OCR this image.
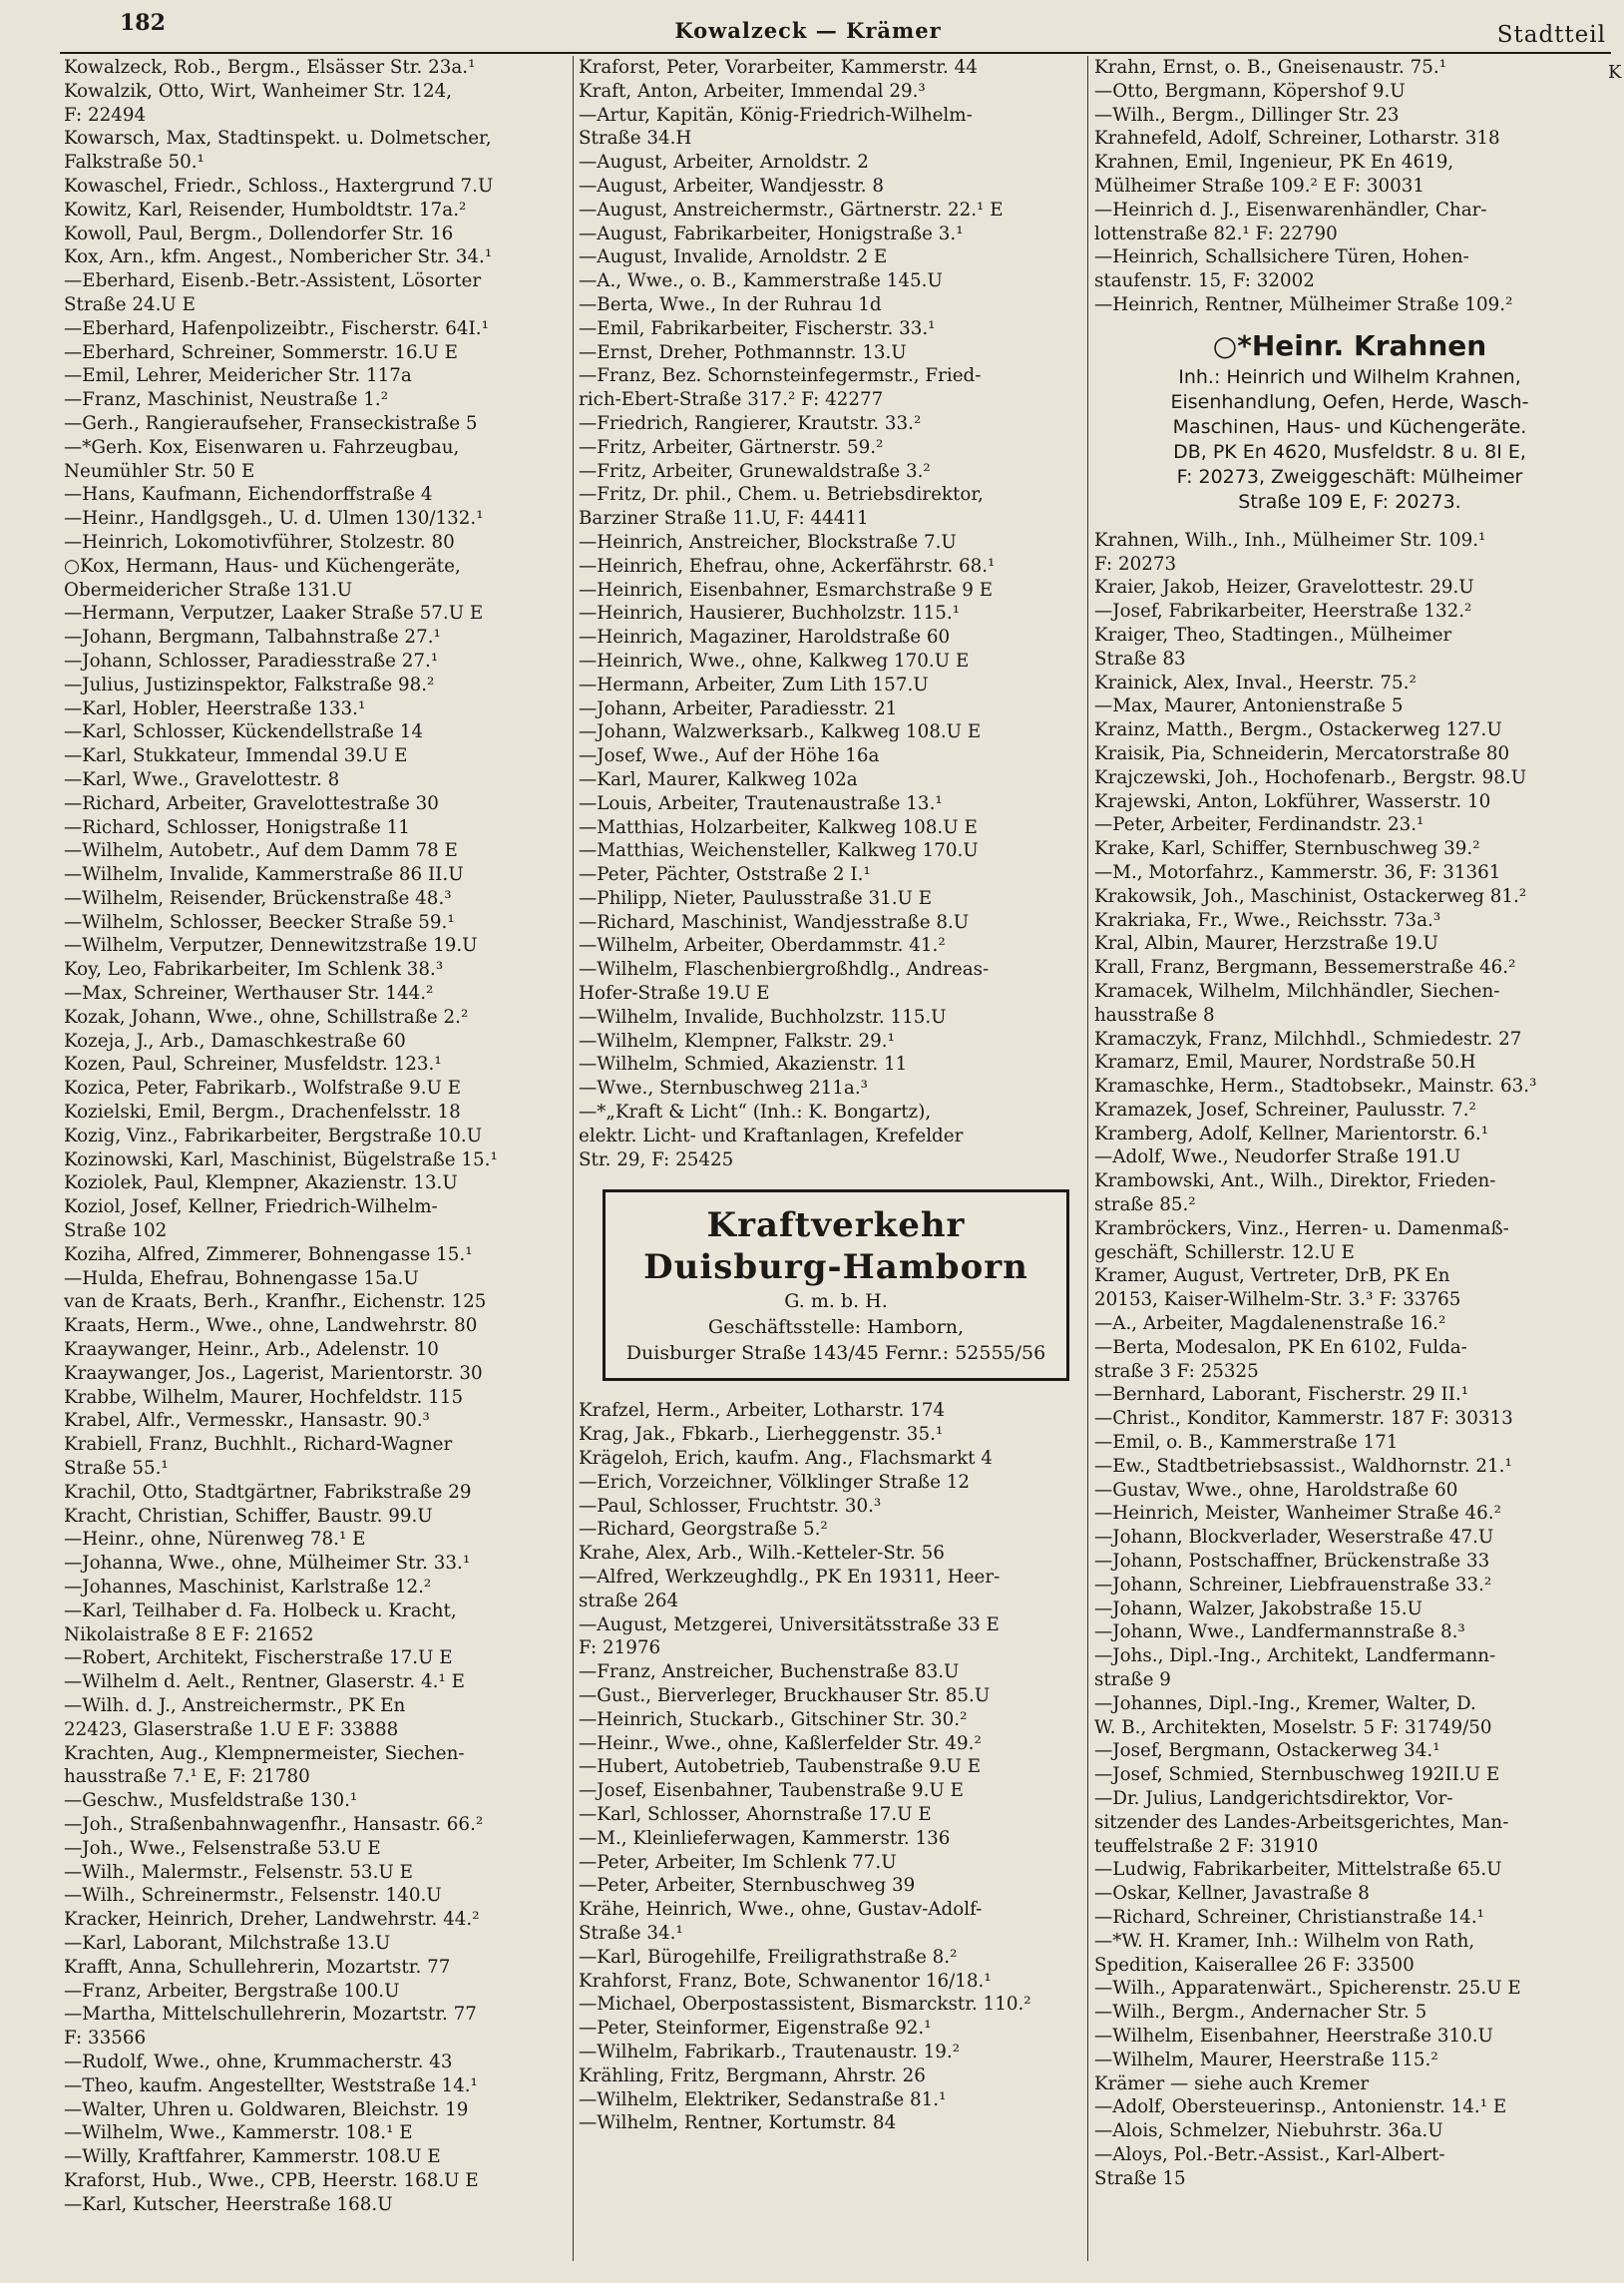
182	Kowalzeck — Krämer	Stadtteil
K
Kowalzeck, Rob., Bergm., Elsässer Str. 23a.¹
Kowalzik, Otto, Wirt, Wanheimer Str. 124,
F: 22494
Kowarsch, Max, Stadtinspekt. u. Dolmetscher,
Falkstraße 50.¹
Kowaschel, Friedr., Schloss., Haxtergrund 7.U
Kowitz, Karl, Reisender, Humboldtstr. 17a.²
Kowoll, Paul, Bergm., Dollendorfer Str. 16
Kox, Arn., kfm. Angest., Nombericher Str. 34.¹
—Eberhard, Eisenb.-Betr.-Assistent, Lösorter
Straße 24.U E
—Eberhard, Hafenpolizeibtr., Fischerstr. 64I.¹
—Eberhard, Schreiner, Sommerstr. 16.U E
—Emil, Lehrer, Meidericher Str. 117a
—Franz, Maschinist, Neustraße 1.²
—Gerh., Rangieraufseher, Franseckistraße 5
—*Gerh. Kox, Eisenwaren u. Fahrzeugbau,
Neumühler Str. 50 E
—Hans, Kaufmann, Eichendorffstraße 4
—Heinr., Handlgsgeh., U. d. Ulmen 130/132.¹
—Heinrich, Lokomotivführer, Stolzestr. 80
○Kox, Hermann, Haus- und Küchengeräte,
Obermeidericher Straße 131.U
—Hermann, Verputzer, Laaker Straße 57.U E
—Johann, Bergmann, Talbahnstraße 27.¹
—Johann, Schlosser, Paradiesstraße 27.¹
—Julius, Justizinspektor, Falkstraße 98.²
—Karl, Hobler, Heerstraße 133.¹
—Karl, Schlosser, Kückendellstraße 14
—Karl, Stukkateur, Immendal 39.U E
—Karl, Wwe., Gravelottestr. 8
—Richard, Arbeiter, Gravelottestraße 30
—Richard, Schlosser, Honigstraße 11
—Wilhelm, Autobetr., Auf dem Damm 78 E
—Wilhelm, Invalide, Kammerstraße 86 II.U
—Wilhelm, Reisender, Brückenstraße 48.³
—Wilhelm, Schlosser, Beecker Straße 59.¹
—Wilhelm, Verputzer, Dennewitzstraße 19.U
Koy, Leo, Fabrikarbeiter, Im Schlenk 38.³
—Max, Schreiner, Werthauser Str. 144.²
Kozak, Johann, Wwe., ohne, Schillstraße 2.²
Kozeja, J., Arb., Damaschkestraße 60
Kozen, Paul, Schreiner, Musfeldstr. 123.¹
Kozica, Peter, Fabrikarb., Wolfstraße 9.U E
Kozielski, Emil, Bergm., Drachenfelsstr. 18
Kozig, Vinz., Fabrikarbeiter, Bergstraße 10.U
Kozinowski, Karl, Maschinist, Bügelstraße 15.¹
Koziolek, Paul, Klempner, Akazienstr. 13.U
Koziol, Josef, Kellner, Friedrich-Wilhelm-
Straße 102
Koziha, Alfred, Zimmerer, Bohnengasse 15.¹
—Hulda, Ehefrau, Bohnengasse 15a.U
van de Kraats, Berh., Kranfhr., Eichenstr. 125
Kraats, Herm., Wwe., ohne, Landwehrstr. 80
Kraaywanger, Heinr., Arb., Adelenstr. 10
Kraaywanger, Jos., Lagerist, Marientorstr. 30
Krabbe, Wilhelm, Maurer, Hochfeldstr. 115
Krabel, Alfr., Vermesskr., Hansastr. 90.³
Krabiell, Franz, Buchhlt., Richard-Wagner
Straße 55.¹
Krachil, Otto, Stadtgärtner, Fabrikstraße 29
Kracht, Christian, Schiffer, Baustr. 99.U
—Heinr., ohne, Nürenweg 78.¹ E
—Johanna, Wwe., ohne, Mülheimer Str. 33.¹
—Johannes, Maschinist, Karlstraße 12.²
—Karl, Teilhaber d. Fa. Holbeck u. Kracht,
Nikolaistraße 8 E F: 21652
—Robert, Architekt, Fischerstraße 17.U E
—Wilhelm d. Aelt., Rentner, Glaserstr. 4.¹ E
—Wilh. d. J., Anstreichermstr., PK En
22423, Glaserstraße 1.U E F: 33888
Krachten, Aug., Klempnermeister, Siechen-
hausstraße 7.¹ E, F: 21780
—Geschw., Musfeldstraße 130.¹
—Joh., Straßenbahnwagenfhr., Hansastr. 66.²
—Joh., Wwe., Felsenstraße 53.U E
—Wilh., Malermstr., Felsenstr. 53.U E
—Wilh., Schreinermstr., Felsenstr. 140.U
Kracker, Heinrich, Dreher, Landwehrstr. 44.²
—Karl, Laborant, Milchstraße 13.U
Krafft, Anna, Schullehrerin, Mozartstr. 77
—Franz, Arbeiter, Bergstraße 100.U
—Martha, Mittelschullehrerin, Mozartstr. 77
F: 33566
—Rudolf, Wwe., ohne, Krummacherstr. 43
—Theo, kaufm. Angestellter, Weststraße 14.¹
—Walter, Uhren u. Goldwaren, Bleichstr. 19
—Wilhelm, Wwe., Kammerstr. 108.¹ E
—Willy, Kraftfahrer, Kammerstr. 108.U E
Kraforst, Hub., Wwe., CPB, Heerstr. 168.U E
—Karl, Kutscher, Heerstraße 168.U
Kraforst, Peter, Vorarbeiter, Kammerstr. 44
Kraft, Anton, Arbeiter, Immendal 29.³
—Artur, Kapitän, König-Friedrich-Wilhelm-
Straße 34.H
—August, Arbeiter, Arnoldstr. 2
—August, Arbeiter, Wandjesstr. 8
—August, Anstreichermstr., Gärtnerstr. 22.¹ E
—August, Fabrikarbeiter, Honigstraße 3.¹
—August, Invalide, Arnoldstr. 2 E
—A., Wwe., o. B., Kammerstraße 145.U
—Berta, Wwe., In der Ruhrau 1d
—Emil, Fabrikarbeiter, Fischerstr. 33.¹
—Ernst, Dreher, Pothmannstr. 13.U
—Franz, Bez. Schornsteinfegermstr., Fried-
rich-Ebert-Straße 317.² F: 42277
—Friedrich, Rangierer, Krautstr. 33.²
—Fritz, Arbeiter, Gärtnerstr. 59.²
—Fritz, Arbeiter, Grunewaldstraße 3.²
—Fritz, Dr. phil., Chem. u. Betriebsdirektor,
Barziner Straße 11.U, F: 44411
—Heinrich, Anstreicher, Blockstraße 7.U
—Heinrich, Ehefrau, ohne, Ackerfährstr. 68.¹
—Heinrich, Eisenbahner, Esmarchstraße 9 E
—Heinrich, Hausierer, Buchholzstr. 115.¹
—Heinrich, Magaziner, Haroldstraße 60
—Heinrich, Wwe., ohne, Kalkweg 170.U E
—Hermann, Arbeiter, Zum Lith 157.U
—Johann, Arbeiter, Paradiesstr. 21
—Johann, Walzwerksarb., Kalkweg 108.U E
—Josef, Wwe., Auf der Höhe 16a
—Karl, Maurer, Kalkweg 102a
—Louis, Arbeiter, Trautenaustraße 13.¹
—Matthias, Holzarbeiter, Kalkweg 108.U E
—Matthias, Weichensteller, Kalkweg 170.U
—Peter, Pächter, Oststraße 2 I.¹
—Philipp, Nieter, Paulusstraße 31.U E
—Richard, Maschinist, Wandjesstraße 8.U
—Wilhelm, Arbeiter, Oberdammstr. 41.²
—Wilhelm, Flaschenbiergroßhdlg., Andreas-
Hofer-Straße 19.U E
—Wilhelm, Invalide, Buchholzstr. 115.U
—Wilhelm, Klempner, Falkstr. 29.¹
—Wilhelm, Schmied, Akazienstr. 11
—Wwe., Sternbuschweg 211a.³
—*„Kraft & Licht“ (Inh.: K. Bongartz),
elektr. Licht- und Kraftanlagen, Krefelder
Str. 29, F: 25425
Kraftverkehr
Duisburg-Hamborn
G. m. b. H.
Geschäftsstelle: Hamborn,
Duisburger Straße 143/45 Fernr.: 52555/56
Krafzel, Herm., Arbeiter, Lotharstr. 174
Krag, Jak., Fbkarb., Lierheggenstr. 35.¹
Krägeloh, Erich, kaufm. Ang., Flachsmarkt 4
—Erich, Vorzeichner, Völklinger Straße 12
—Paul, Schlosser, Fruchtstr. 30.³
—Richard, Georgstraße 5.²
Krahe, Alex, Arb., Wilh.-Ketteler-Str. 56
—Alfred, Werkzeughdlg., PK En 19311, Heer-
straße 264
—August, Metzgerei, Universitätsstraße 33 E
F: 21976
—Franz, Anstreicher, Buchenstraße 83.U
—Gust., Bierverleger, Bruckhauser Str. 85.U
—Heinrich, Stuckarb., Gitschiner Str. 30.²
—Heinr., Wwe., ohne, Kaßlerfelder Str. 49.²
—Hubert, Autobetrieb, Taubenstraße 9.U E
—Josef, Eisenbahner, Taubenstraße 9.U E
—Karl, Schlosser, Ahornstraße 17.U E
—M., Kleinlieferwagen, Kammerstr. 136
—Peter, Arbeiter, Im Schlenk 77.U
—Peter, Arbeiter, Sternbuschweg 39
Krähe, Heinrich, Wwe., ohne, Gustav-Adolf-
Straße 34.¹
—Karl, Bürogehilfe, Freiligrathstraße 8.²
Krahforst, Franz, Bote, Schwanentor 16/18.¹
—Michael, Oberpostassistent, Bismarckstr. 110.²
—Peter, Steinformer, Eigenstraße 92.¹
—Wilhelm, Fabrikarb., Trautenaustr. 19.²
Krähling, Fritz, Bergmann, Ahrstr. 26
—Wilhelm, Elektriker, Sedanstraße 81.¹
—Wilhelm, Rentner, Kortumstr. 84
Krahn, Ernst, o. B., Gneisenaustr. 75.¹
—Otto, Bergmann, Köpershof 9.U
—Wilh., Bergm., Dillinger Str. 23
Krahnefeld, Adolf, Schreiner, Lotharstr. 318
Krahnen, Emil, Ingenieur, PK En 4619,
Mülheimer Straße 109.² E F: 30031
—Heinrich d. J., Eisenwarenhändler, Char-
lottenstraße 82.¹ F: 22790
—Heinrich, Schallsichere Türen, Hohen-
staufenstr. 15, F: 32002
—Heinrich, Rentner, Mülheimer Straße 109.²
○*Heinr. Krahnen
Inh.: Heinrich und Wilhelm Krahnen,
Eisenhandlung, Oefen, Herde, Wasch-
Maschinen, Haus- und Küchengeräte.
DB, PK En 4620, Musfeldstr. 8 u. 8I E,
F: 20273, Zweiggeschäft: Mülheimer
Straße 109 E, F: 20273.
Krahnen, Wilh., Inh., Mülheimer Str. 109.¹
F: 20273
Kraier, Jakob, Heizer, Gravelottestr. 29.U
—Josef, Fabrikarbeiter, Heerstraße 132.²
Kraiger, Theo, Stadtingen., Mülheimer
Straße 83
Krainick, Alex, Inval., Heerstr. 75.²
—Max, Maurer, Antonienstraße 5
Krainz, Matth., Bergm., Ostackerweg 127.U
Kraisik, Pia, Schneiderin, Mercatorstraße 80
Krajczewski, Joh., Hochofenarb., Bergstr. 98.U
Krajewski, Anton, Lokführer, Wasserstr. 10
—Peter, Arbeiter, Ferdinandstr. 23.¹
Krake, Karl, Schiffer, Sternbuschweg 39.²
—M., Motorfahrz., Kammerstr. 36, F: 31361
Krakowsik, Joh., Maschinist, Ostackerweg 81.²
Krakriaka, Fr., Wwe., Reichsstr. 73a.³
Kral, Albin, Maurer, Herzstraße 19.U
Krall, Franz, Bergmann, Bessemerstraße 46.²
Kramacek, Wilhelm, Milchhändler, Siechen-
hausstraße 8
Kramaczyk, Franz, Milchhdl., Schmiedestr. 27
Kramarz, Emil, Maurer, Nordstraße 50.H
Kramaschke, Herm., Stadtobsekr., Mainstr. 63.³
Kramazek, Josef, Schreiner, Paulusstr. 7.²
Kramberg, Adolf, Kellner, Marientorstr. 6.¹
—Adolf, Wwe., Neudorfer Straße 191.U
Krambowski, Ant., Wilh., Direktor, Frieden-
straße 85.²
Krambröckers, Vinz., Herren- u. Damenmaß-
geschäft, Schillerstr. 12.U E
Kramer, August, Vertreter, DrB, PK En
20153, Kaiser-Wilhelm-Str. 3.³ F: 33765
—A., Arbeiter, Magdalenenstraße 16.²
—Berta, Modesalon, PK En 6102, Fulda-
straße 3 F: 25325
—Bernhard, Laborant, Fischerstr. 29 II.¹
—Christ., Konditor, Kammerstr. 187 F: 30313
—Emil, o. B., Kammerstraße 171
—Ew., Stadtbetriebsassist., Waldhornstr. 21.¹
—Gustav, Wwe., ohne, Haroldstraße 60
—Heinrich, Meister, Wanheimer Straße 46.²
—Johann, Blockverlader, Weserstraße 47.U
—Johann, Postschaffner, Brückenstraße 33
—Johann, Schreiner, Liebfrauenstraße 33.²
—Johann, Walzer, Jakobstraße 15.U
—Johann, Wwe., Landfermannstraße 8.³
—Johs., Dipl.-Ing., Architekt, Landfermann-
straße 9
—Johannes, Dipl.-Ing., Kremer, Walter, D.
W. B., Architekten, Moselstr. 5 F: 31749/50
—Josef, Bergmann, Ostackerweg 34.¹
—Josef, Schmied, Sternbuschweg 192II.U E
—Dr. Julius, Landgerichtsdirektor, Vor-
sitzender des Landes-Arbeitsgerichtes, Man-
teuffelstraße 2 F: 31910
—Ludwig, Fabrikarbeiter, Mittelstraße 65.U
—Oskar, Kellner, Javastraße 8
—Richard, Schreiner, Christianstraße 14.¹
—*W. H. Kramer, Inh.: Wilhelm von Rath,
Spedition, Kaiserallee 26 F: 33500
—Wilh., Apparatenwärt., Spicherenstr. 25.U E
—Wilh., Bergm., Andernacher Str. 5
—Wilhelm, Eisenbahner, Heerstraße 310.U
—Wilhelm, Maurer, Heerstraße 115.²
Krämer — siehe auch Kremer
—Adolf, Obersteuerinsp., Antonienstr. 14.¹ E
—Alois, Schmelzer, Niebuhrstr. 36a.U
—Aloys, Pol.-Betr.-Assist., Karl-Albert-
Straße 15
